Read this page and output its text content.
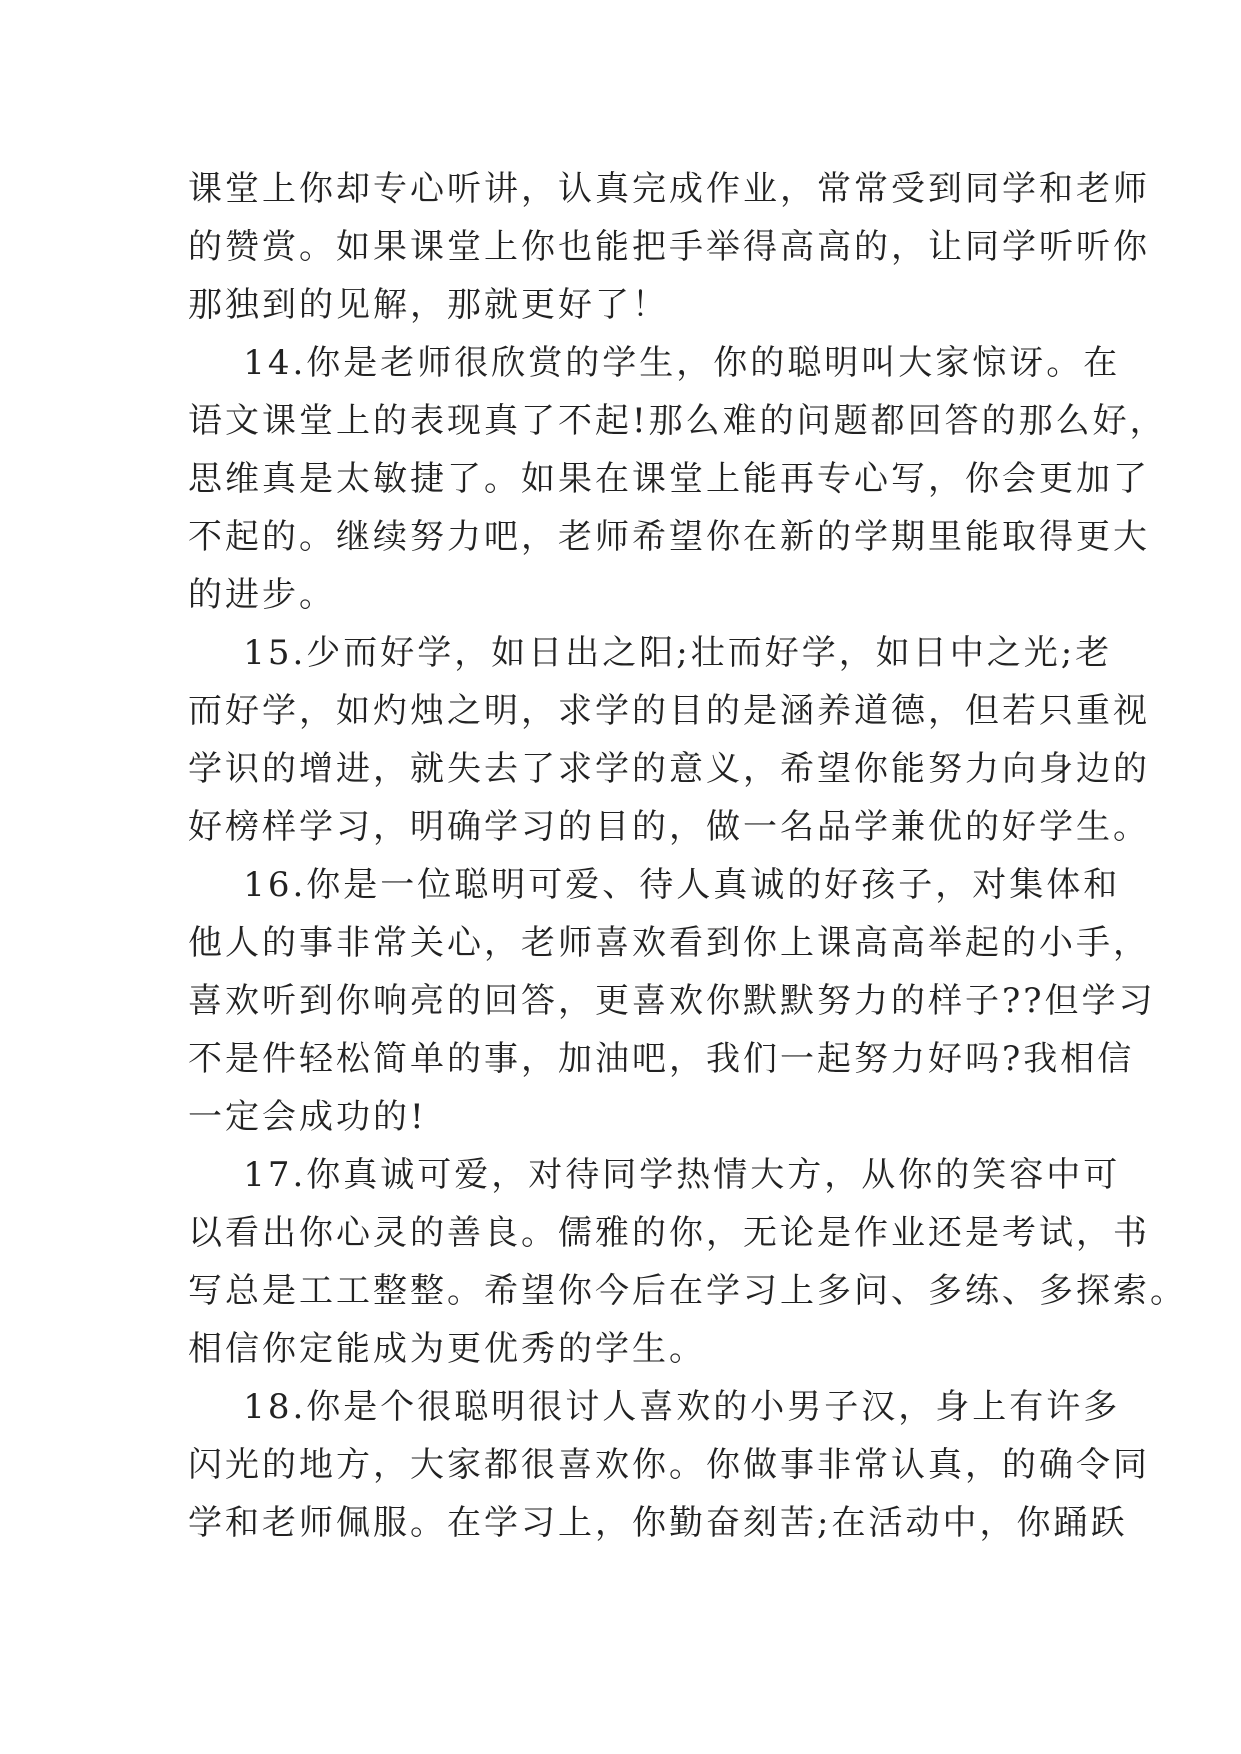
课堂上你却专心听讲，认真完成作业，常常受到同学和老师

的赞赏。如果课堂上你也能把手举得高高的，让同学听听你

那独到的见解，那就更好了！

14.你是老师很欣赏的学生，你的聪明叫大家惊讶。在

语文课堂上的表现真了不起!那么难的问题都回答的那么好，

思维真是太敏捷了。如果在课堂上能再专心写，你会更加了

不起的。继续努力吧，老师希望你在新的学期里能取得更大

的进步。

15.少而好学，如日出之阳;壮而好学，如日中之光;老

而好学，如灼烛之明，求学的目的是涵养道德，但若只重视

学识的增进，就失去了求学的意义，希望你能努力向身边的

好榜样学习，明确学习的目的，做一名品学兼优的好学生。

16.你是一位聪明可爱、待人真诚的好孩子，对集体和

他人的事非常关心，老师喜欢看到你上课高高举起的小手，

喜欢听到你响亮的回答，更喜欢你默默努力的样子??但学习

不是件轻松简单的事，加油吧，我们一起努力好吗?我相信

一定会成功的!

17.你真诚可爱，对待同学热情大方，从你的笑容中可

以看出你心灵的善良。儒雅的你，无论是作业还是考试，书

写总是工工整整。希望你今后在学习上多问、多练、多探索。

相信你定能成为更优秀的学生。

18.你是个很聪明很讨人喜欢的小男子汉，身上有许多

闪光的地方，大家都很喜欢你。你做事非常认真，的确令同

学和老师佩服。在学习上，你勤奋刻苦;在活动中，你踊跃
